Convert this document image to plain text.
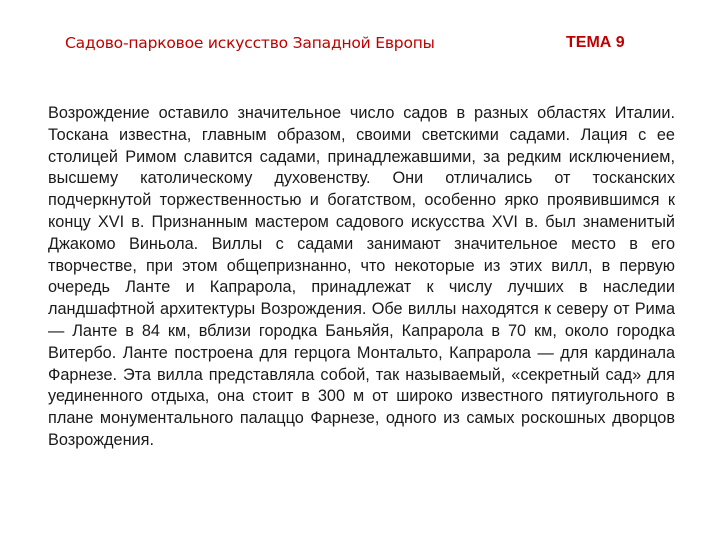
Садово-парковое искусство Западной Европы	ТЕМА 9

Возрождение оставило значительное число садов в разных областях Италии. Тоскана известна, главным образом, своими светскими садами. Лация с ее столицей Римом славится садами, принадлежавшими, за редким исключением, высшему католическому духовенству. Они отличались от тосканских подчеркнутой торжественностью и богатством, особенно ярко проявившимся к концу XVI в. Признанным мастером садового искусства XVI в. был знаменитый Джакомо Виньола. Виллы с садами занимают значительное место в его творчестве, при этом общепризнанно, что некоторые из этих вилл, в первую очередь Ланте и Капрарола, принадлежат к числу лучших в наследии ландшафтной архитектуры Возрождения. Обе виллы находятся к северу от Рима — Ланте в 84 км, вблизи городка Баньяйя, Капрарола в 70 км, около городка Витербо. Ланте построена для герцога Монтальто, Капрарола — для кардинала Фарнезе. Эта вилла представляла собой, так называемый, «секретный сад» для уединенного отдыха, она стоит в 300 м от широко известного пятиугольного в плане монументального палаццо Фарнезе, одного из самых роскошных дворцов Возрождения.
